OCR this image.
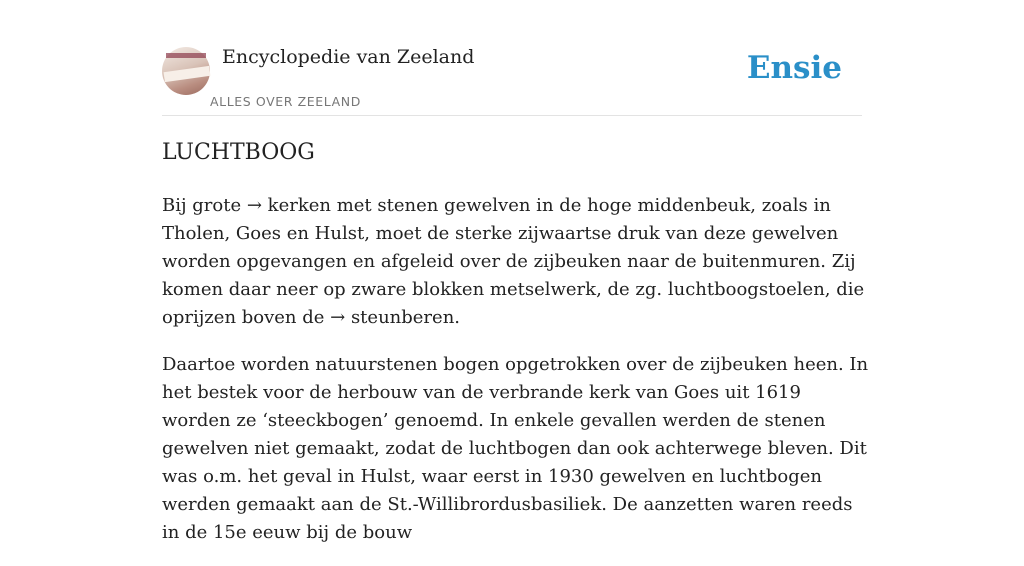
Encyclopedie van Zeeland
ALLES OVER ZEELAND
Ensie
LUCHTBOOG

Bij grote → kerken met stenen gewelven in de hoge middenbeuk, zoals in Tholen, Goes en Hulst, moet de sterke zijwaartse druk van deze gewelven worden opgevangen en afgeleid over de zijbeuken naar de buitenmuren. Zij komen daar neer op zware blokken metselwerk, de zg. luchtboogstoelen, die oprijzen boven de → steunberen.

Daartoe worden natuurstenen bogen opgetrokken over de zijbeuken heen. In het bestek voor de herbouw van de verbrande kerk van Goes uit 1619 worden ze ‘steeckbogen’ genoemd. In enkele gevallen werden de stenen gewelven niet gemaakt, zodat de luchtbogen dan ook achterwege bleven. Dit was o.m. het geval in Hulst, waar eerst in 1930 gewelven en luchtbogen werden gemaakt aan de St.-Willibrordusbasiliek. De aanzetten waren reeds in de 15e eeuw bij de bouw
